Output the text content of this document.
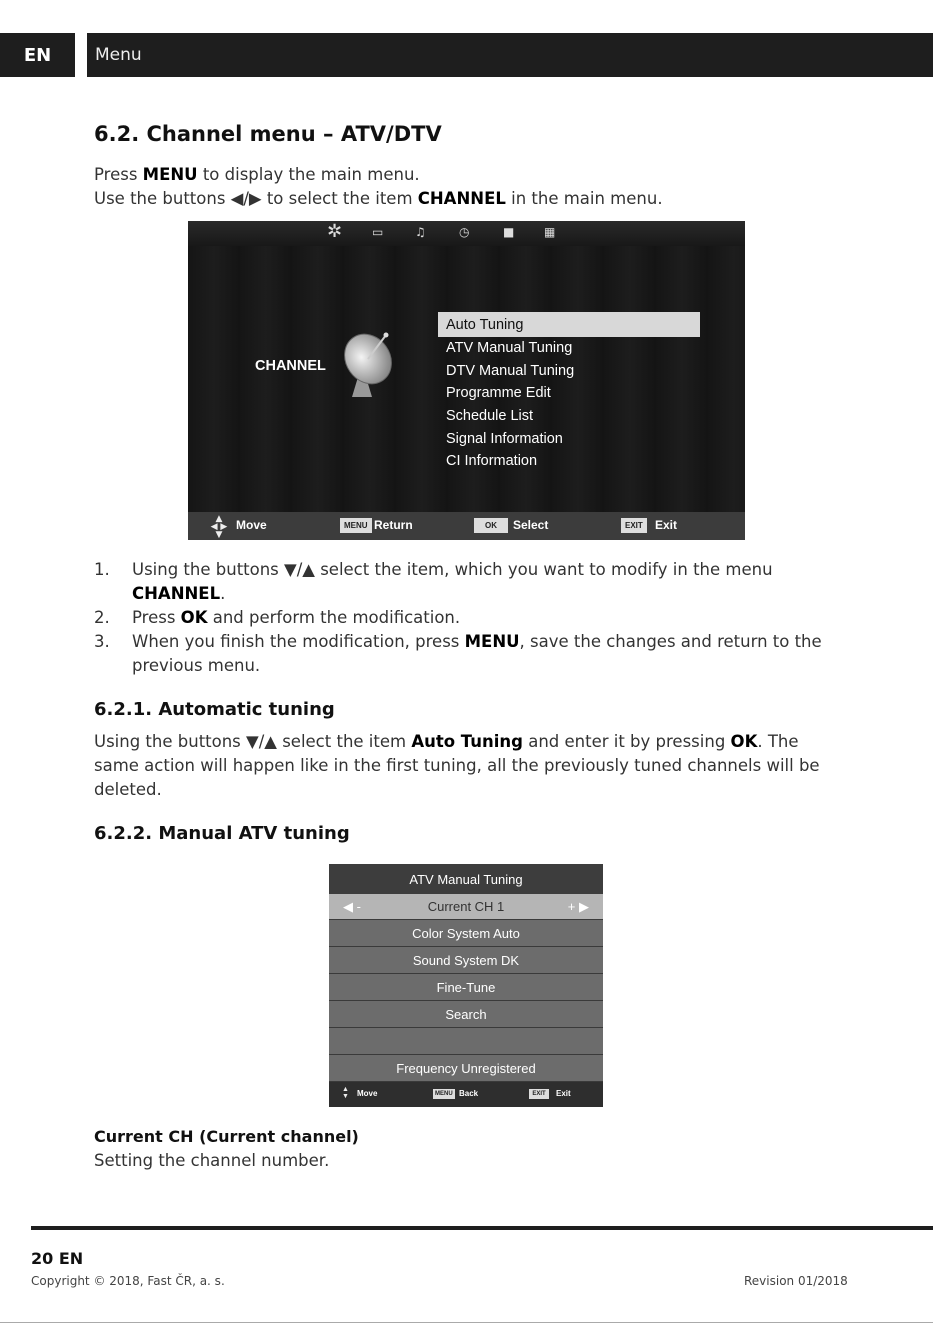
EN	Menu
6.2. Channel menu – ATV/DTV
Press MENU to display the main menu.
Use the buttons ◀/▶ to select the item CHANNEL in the main menu.
✲ ▭	♫	◷	■ ▦
CHANNEL
Auto Tuning
ATV Manual Tuning
DTV Manual Tuning
Programme Edit
Schedule List
Signal Information
CI Information
▲
◀ ▶
▼
Move	MENU Return	OK	Select	EXIT	Exit
1. Using the buttons ▼/▲ select the item, which you want to modify in the menu
CHANNEL.
2. Press OK and perform the modification.
3. When you finish the modification, press MENU, save the changes and return to the
previous menu.
6.2.1. Automatic tuning
Using the buttons ▼/▲ select the item Auto Tuning and enter it by pressing OK. The
same action will happen like in the first tuning, all the previously tuned channels will be
deleted.
6.2.2. Manual ATV tuning
ATV Manual Tuning
◀ -	Current CH 1	+ ▶
Color System Auto
Sound System DK
Fine-Tune
Search
Frequency Unregistered
▲
▼ Move	MENU Back	EXIT	Exit
Current CH (Current channel)
Setting the channel number.
20 EN
Copyright © 2018, Fast ČR, a. s.	Revision 01/2018
